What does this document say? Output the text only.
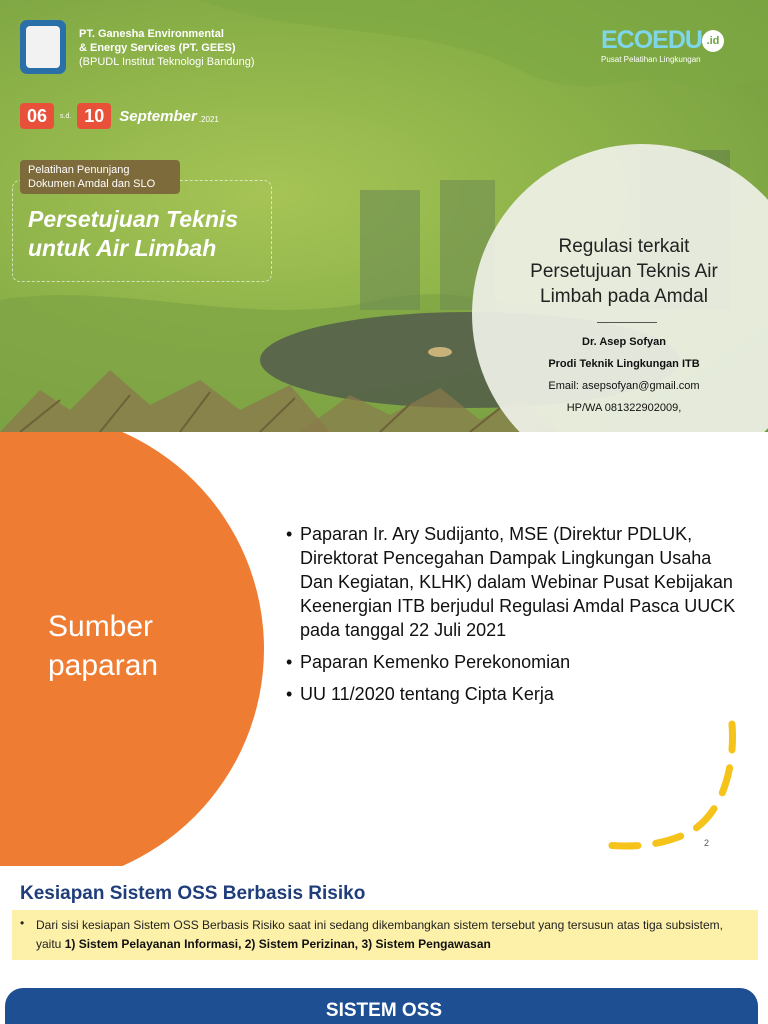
PT. Ganesha Environmental
& Energy Services (PT. GEES)
(BPUDL Institut Teknologi Bandung)
06	s.d. 10 September .2021
Pelatihan Penunjang Dokumen Amdal dan SLO
Persetujuan Teknis
untuk Air Limbah
ECOEDU .id
Pusat Pelatihan Lingkungan
Regulasi terkait
Persetujuan Teknis Air
Limbah pada Amdal
Dr. Asep Sofyan
Prodi Teknik Lingkungan ITB
Email: asepsofyan@gmail.com
HP/WA 081322902009,
Sumber
paparan
• Paparan Ir. Ary Sudijanto, MSE (Direktur PDLUK, Direktorat Pencegahan Dampak Lingkungan Usaha Dan Kegiatan, KLHK) dalam Webinar Pusat Kebijakan Keenergian ITB berjudul Regulasi Amdal Pasca UUCK pada tanggal 22 Juli 2021
• Paparan Kemenko Perekonomian
• UU 11/2020 tentang Cipta Kerja
2
Kesiapan Sistem OSS Berbasis Risiko
• Dari sisi kesiapan Sistem OSS Berbasis Risiko saat ini sedang dikembangkan sistem tersebut yang tersusun atas tiga subsistem, yaitu 1) Sistem Pelayanan Informasi, 2) Sistem Perizinan, 3) Sistem Pengawasan
SISTEM OSS
